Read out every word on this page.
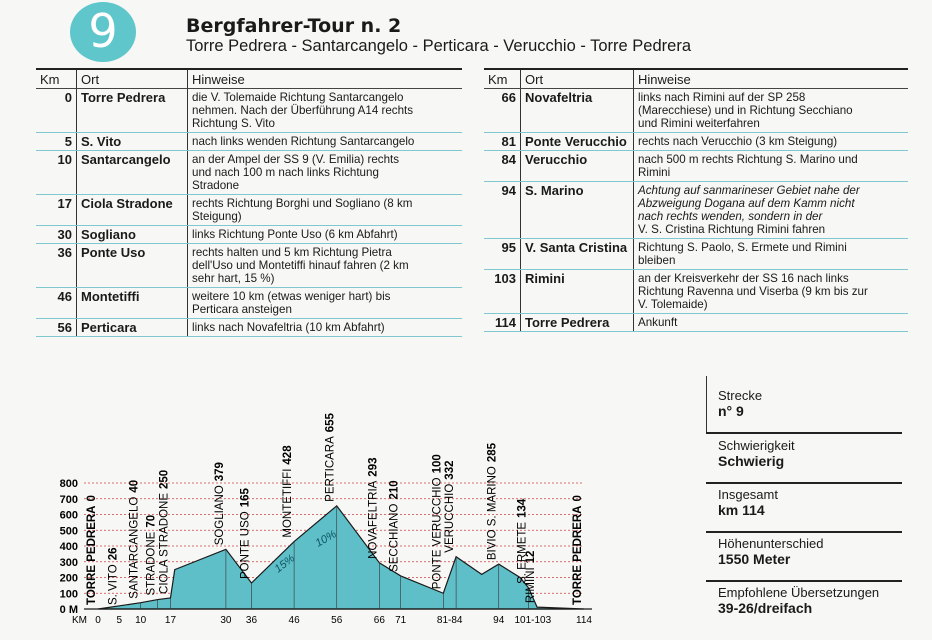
9	Bergfahrer-Tour n. 2
Torre Pedrera - Santarcangelo - Perticara - Verucchio - Torre Pedrera
Km	Ort	Hinweise
0	Torre Pedrera	die V. Tolemaide Richtung Santarcangelo
nehmen. Nach der Überführung A14 rechts
Richtung S. Vito

5	S. Vito	nach links wenden Richtung Santarcangelo

10	Santarcangelo	an der Ampel der SS 9 (V. Emilia) rechts
und nach 100 m nach links Richtung
Stradone

17	Ciola Stradone	rechts Richtung Borghi und Sogliano (8 km
Steigung)

30	Sogliano	links Richtung Ponte Uso (6 km Abfahrt)

36	Ponte Uso	rechts halten und 5 km Richtung Pietra
dell'Uso und Montetiffi hinauf fahren (2 km
sehr hart, 15 %)

46	Montetiffi	weitere 10 km (etwas weniger hart) bis
Perticara ansteigen

56	Perticara	links nach Novafeltria (10 km Abfahrt)
Km	Ort	Hinweise
66	Novafeltria	links nach Rimini auf der SP 258
(Marecchiese) und in Richtung Secchiano
und Rimini weiterfahren

81	Ponte Verucchio	rechts nach Verucchio (3 km Steigung)

84	Verucchio	nach 500 m rechts Richtung S. Marino und
Rimini

94	S. Marino	Achtung auf sanmarineser Gebiet nahe der
Abzweigung Dogana auf dem Kamm nicht
nach rechts wenden, sondern in der
V. S. Cristina Richtung Rimini fahren

95	V. Santa Cristina	Richtung S. Paolo, S. Ermete und Rimini
bleiben

103	Rimini	an der Kreisverkehr der SS 16 nach links
Richtung Ravenna und Viserba (9 km bis zur
V. Tolemaide)

114	Torre Pedrera	Ankunft
Strecke
n° 9
Schwierigkeit
Schwierig
Insgesamt
km 114
Höhenunterschied
1550 Meter
Empfohlene Übersetzungen
39-26/dreifach
800
700
600
500
400
300
200
100
0 M
KM 0 5 10 17	30 36	46	56	66 71	81-84	94 101-103 114
15%
10%
TORRE PEDRERA0
S. VITO26 SANTARCANGELO40
STRADONE70 CIOLA STRADONE250
SOGLIANO379
PONTE USO165	MONTETIFFI428	PERTICARA655
NOVAFELTRIA293
SECCHIANO210	PONTE VERUCCHIO100
VERUCCHIO332	BIVIO S. MARINO285
S. ERMETE134
RIMINI12	TORRE PEDRERA0
